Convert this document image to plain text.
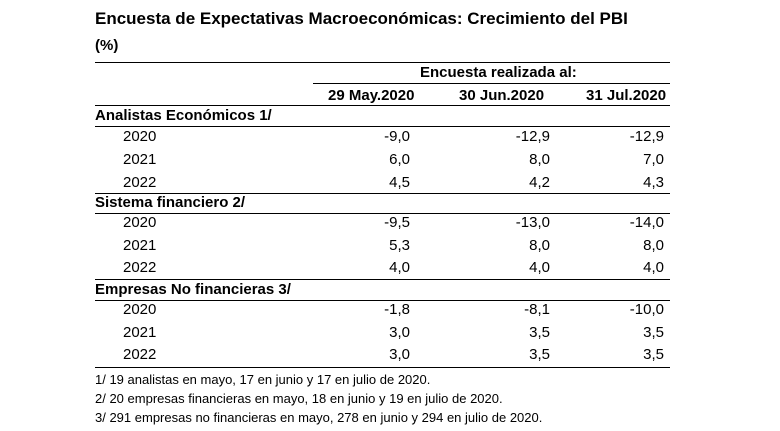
Encuesta de Expectativas Macroeconómicas: Crecimiento del PBI
(%)
Encuesta realizada al:
29 May.2020	30 Jun.2020	31 Jul.2020
Analistas Económicos 1/
2020	-9,0	-12,9	-12,9
2021	6,0	8,0	7,0
2022	4,5	4,2	4,3
Sistema financiero 2/
2020	-9,5	-13,0	-14,0
2021	5,3	8,0	8,0
2022	4,0	4,0	4,0
Empresas No financieras 3/
2020	-1,8	-8,1	-10,0
2021	3,0	3,5	3,5
2022	3,0	3,5	3,5
1/ 19 analistas en mayo, 17 en junio y 17 en julio de 2020.
2/ 20 empresas financieras en mayo, 18 en junio y 19 en julio de 2020.
3/ 291 empresas no financieras en mayo, 278 en junio y 294 en julio de 2020.
